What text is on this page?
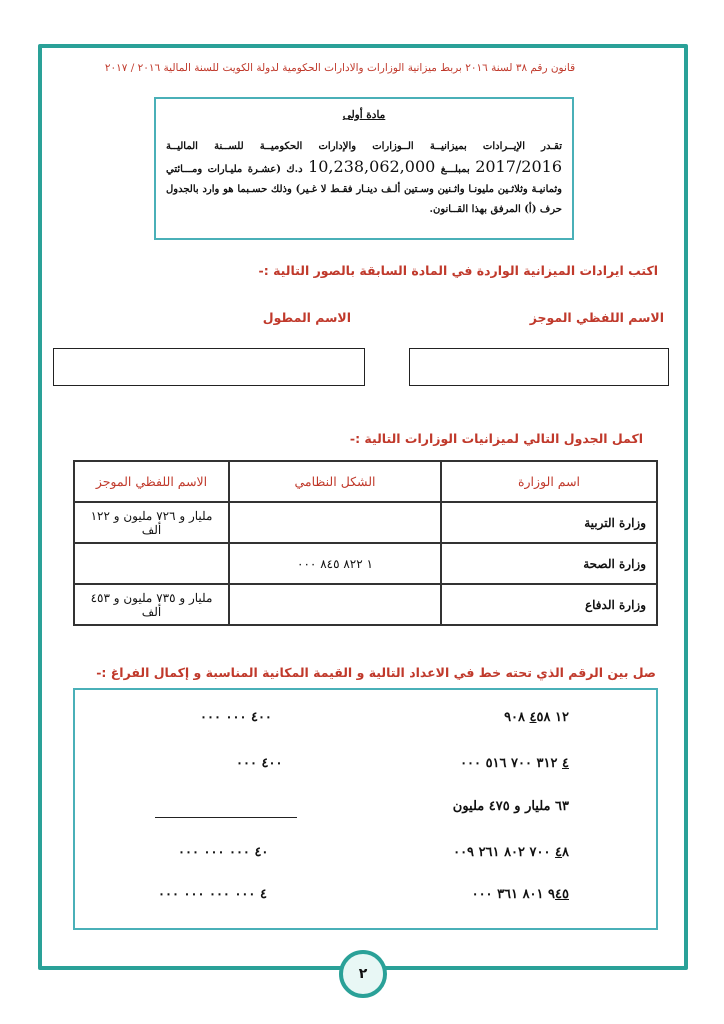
قانون رقم ٣٨ لسنة ٢٠١٦ بربط ميزانية الوزارات والادارات الحكومية لدولة الكويت للسنة المالية ٢٠١٦ / ٢٠١٧
مادة أولى
تقـدر الإيــرادات بميزانيــة الــوزارات والإدارات الحكوميــة للســنة الماليــة 2017/2016 بمبلـــغ 10,238,062,000 د.ك (عشـرة مليـارات ومـــائتي وثمانيـة وثلاثـين مليونـا واثـنين وسـتين ألـف دينـار فقـط لا غـير) وذلك حسـبما هو وارد بالجدول حرف (أ) المرفق بهذا القــانون.
اكتب ايرادات الميزانية الواردة في المادة السابقة بالصور التالية :-
الاسم اللفظي الموجز
الاسم المطول
اكمل الجدول التالي لميزانيات الوزارات التالية :-
اسم الوزارة	الشكل النظامي	الاسم اللفظي الموجز
وزارة التربية		مليار و ٧٢٦ مليون و ١٢٢ ألف
وزارة الصحة	١ ٨٢٢ ٨٤٥ ٠٠٠	
وزارة الدفاع		مليار و ٧٣٥ مليون و ٤٥٣ ألف
صل بين الرقم الذي تحته خط في الاعداد التالية و القيمة المكانية المناسبة و إكمال الفراغ :-
١٢ ٤٥٨ ٩٠٨
٤ ٣١٢ ٧٠٠ ٥١٦ ٠٠٠
٦٣ مليار و ٤٧٥ مليون
٤٨ ٧٠٠ ٨٠٢ ٢٦١ ٠٠٩
٩٤٥ ٨٠١ ٣٦١ ٠٠٠
٤٠٠ ٠٠٠ ٠٠٠
٤٠٠ ٠٠٠
٤٠ ٠٠٠ ٠٠٠ ٠٠٠
٤ ٠٠٠ ٠٠٠ ٠٠٠ ٠٠٠
٢
